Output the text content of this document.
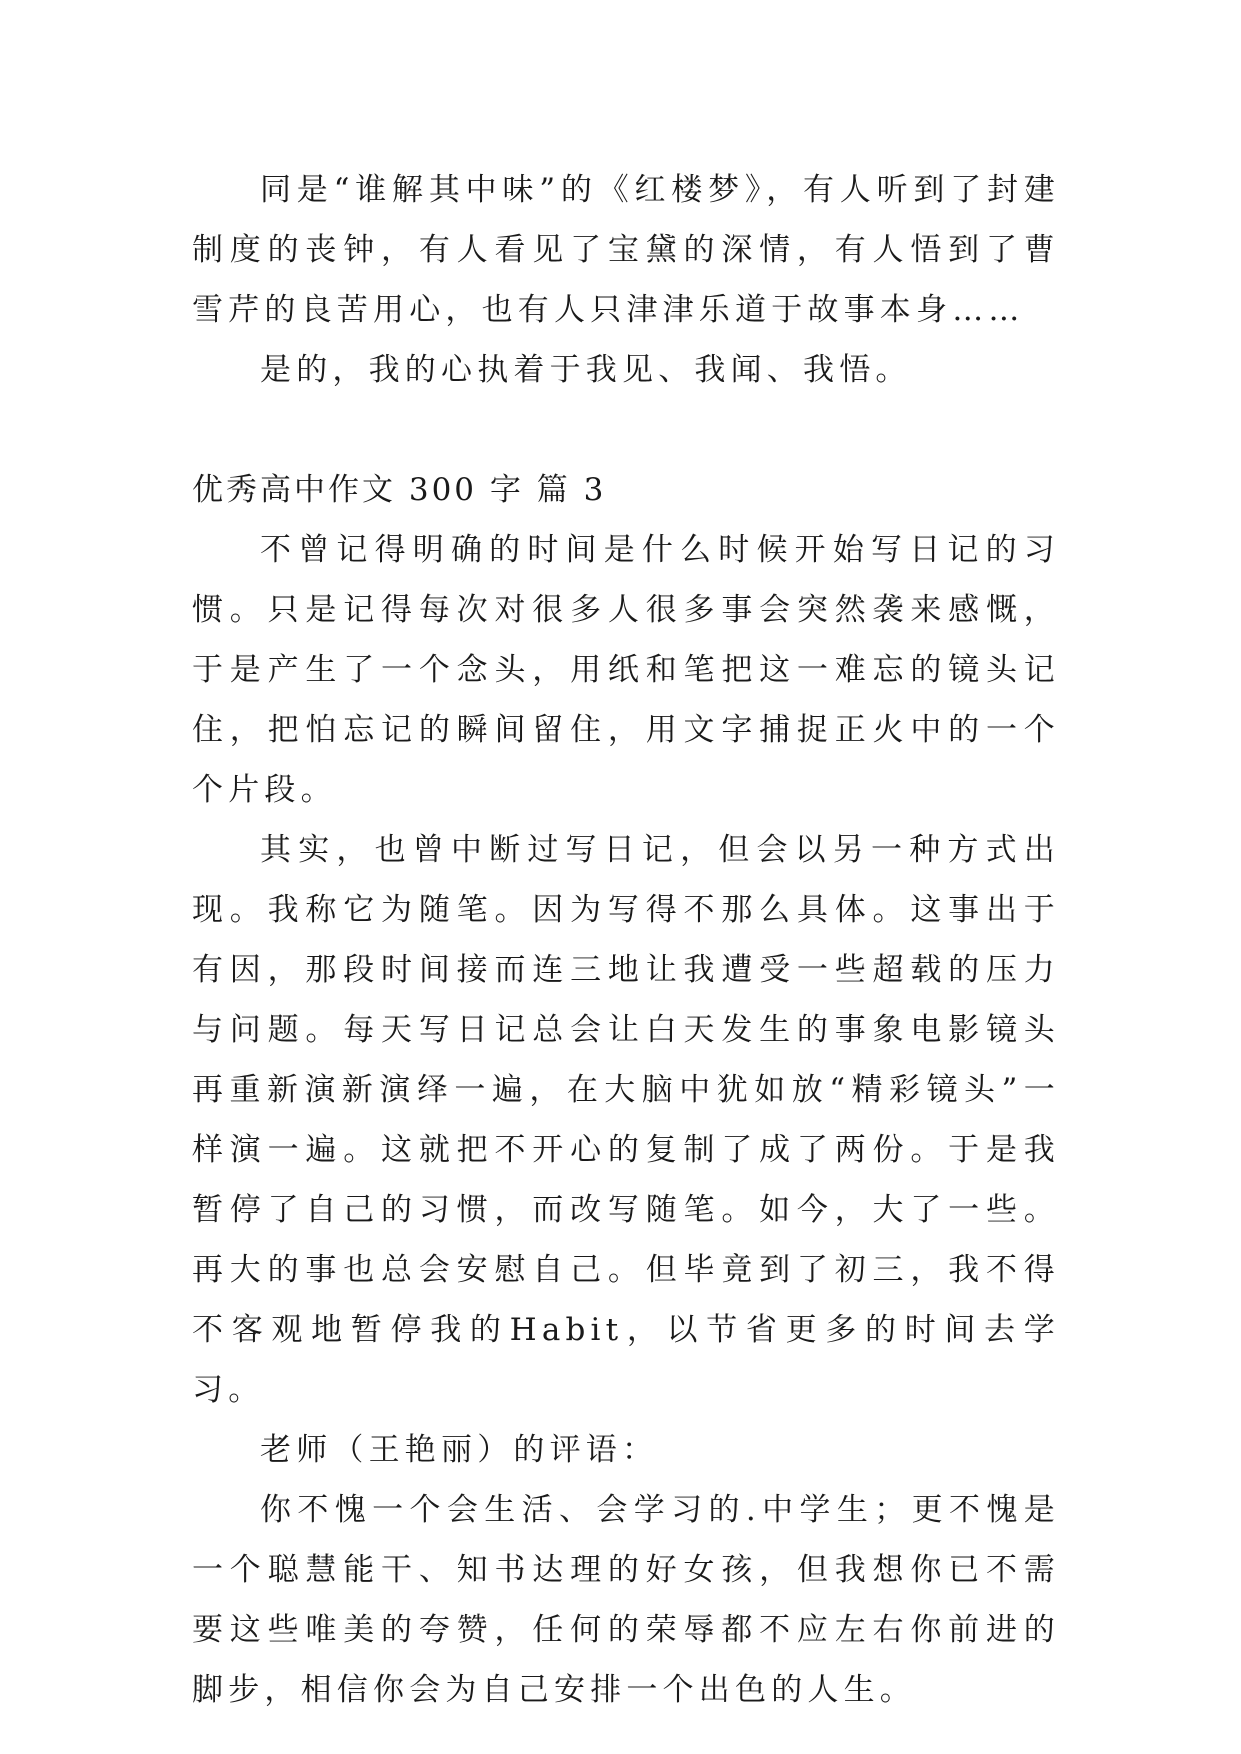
同是“谁解其中味”的《红楼梦》，有人听到了封建制度的丧钟，有人看见了宝黛的深情，有人悟到了曹雪芹的良苦用心，也有人只津津乐道于故事本身……

是的，我的心执着于我见、我闻、我悟。

优秀高中作文 300 字 篇 3

不曾记得明确的时间是什么时候开始写日记的习惯。只是记得每次对很多人很多事会突然袭来感慨，于是产生了一个念头，用纸和笔把这一难忘的镜头记住，把怕忘记的瞬间留住，用文字捕捉正火中的一个个片段。

其实，也曾中断过写日记，但会以另一种方式出现。我称它为随笔。因为写得不那么具体。这事出于有因，那段时间接而连三地让我遭受一些超载的压力与问题。每天写日记总会让白天发生的事象电影镜头再重新演新演绎一遍，在大脑中犹如放“精彩镜头”一样演一遍。这就把不开心的复制了成了两份。于是我暂停了自己的习惯，而改写随笔。如今，大了一些。再大的事也总会安慰自己。但毕竟到了初三，我不得不客观地暂停我的Habit，以节省更多的时间去学习。

老师（王艳丽）的评语：

你不愧一个会生活、会学习的.中学生；更不愧是一个聪慧能干、知书达理的好女孩，但我想你已不需要这些唯美的夸赞，任何的荣辱都不应左右你前进的脚步，相信你会为自己安排一个出色的人生。
